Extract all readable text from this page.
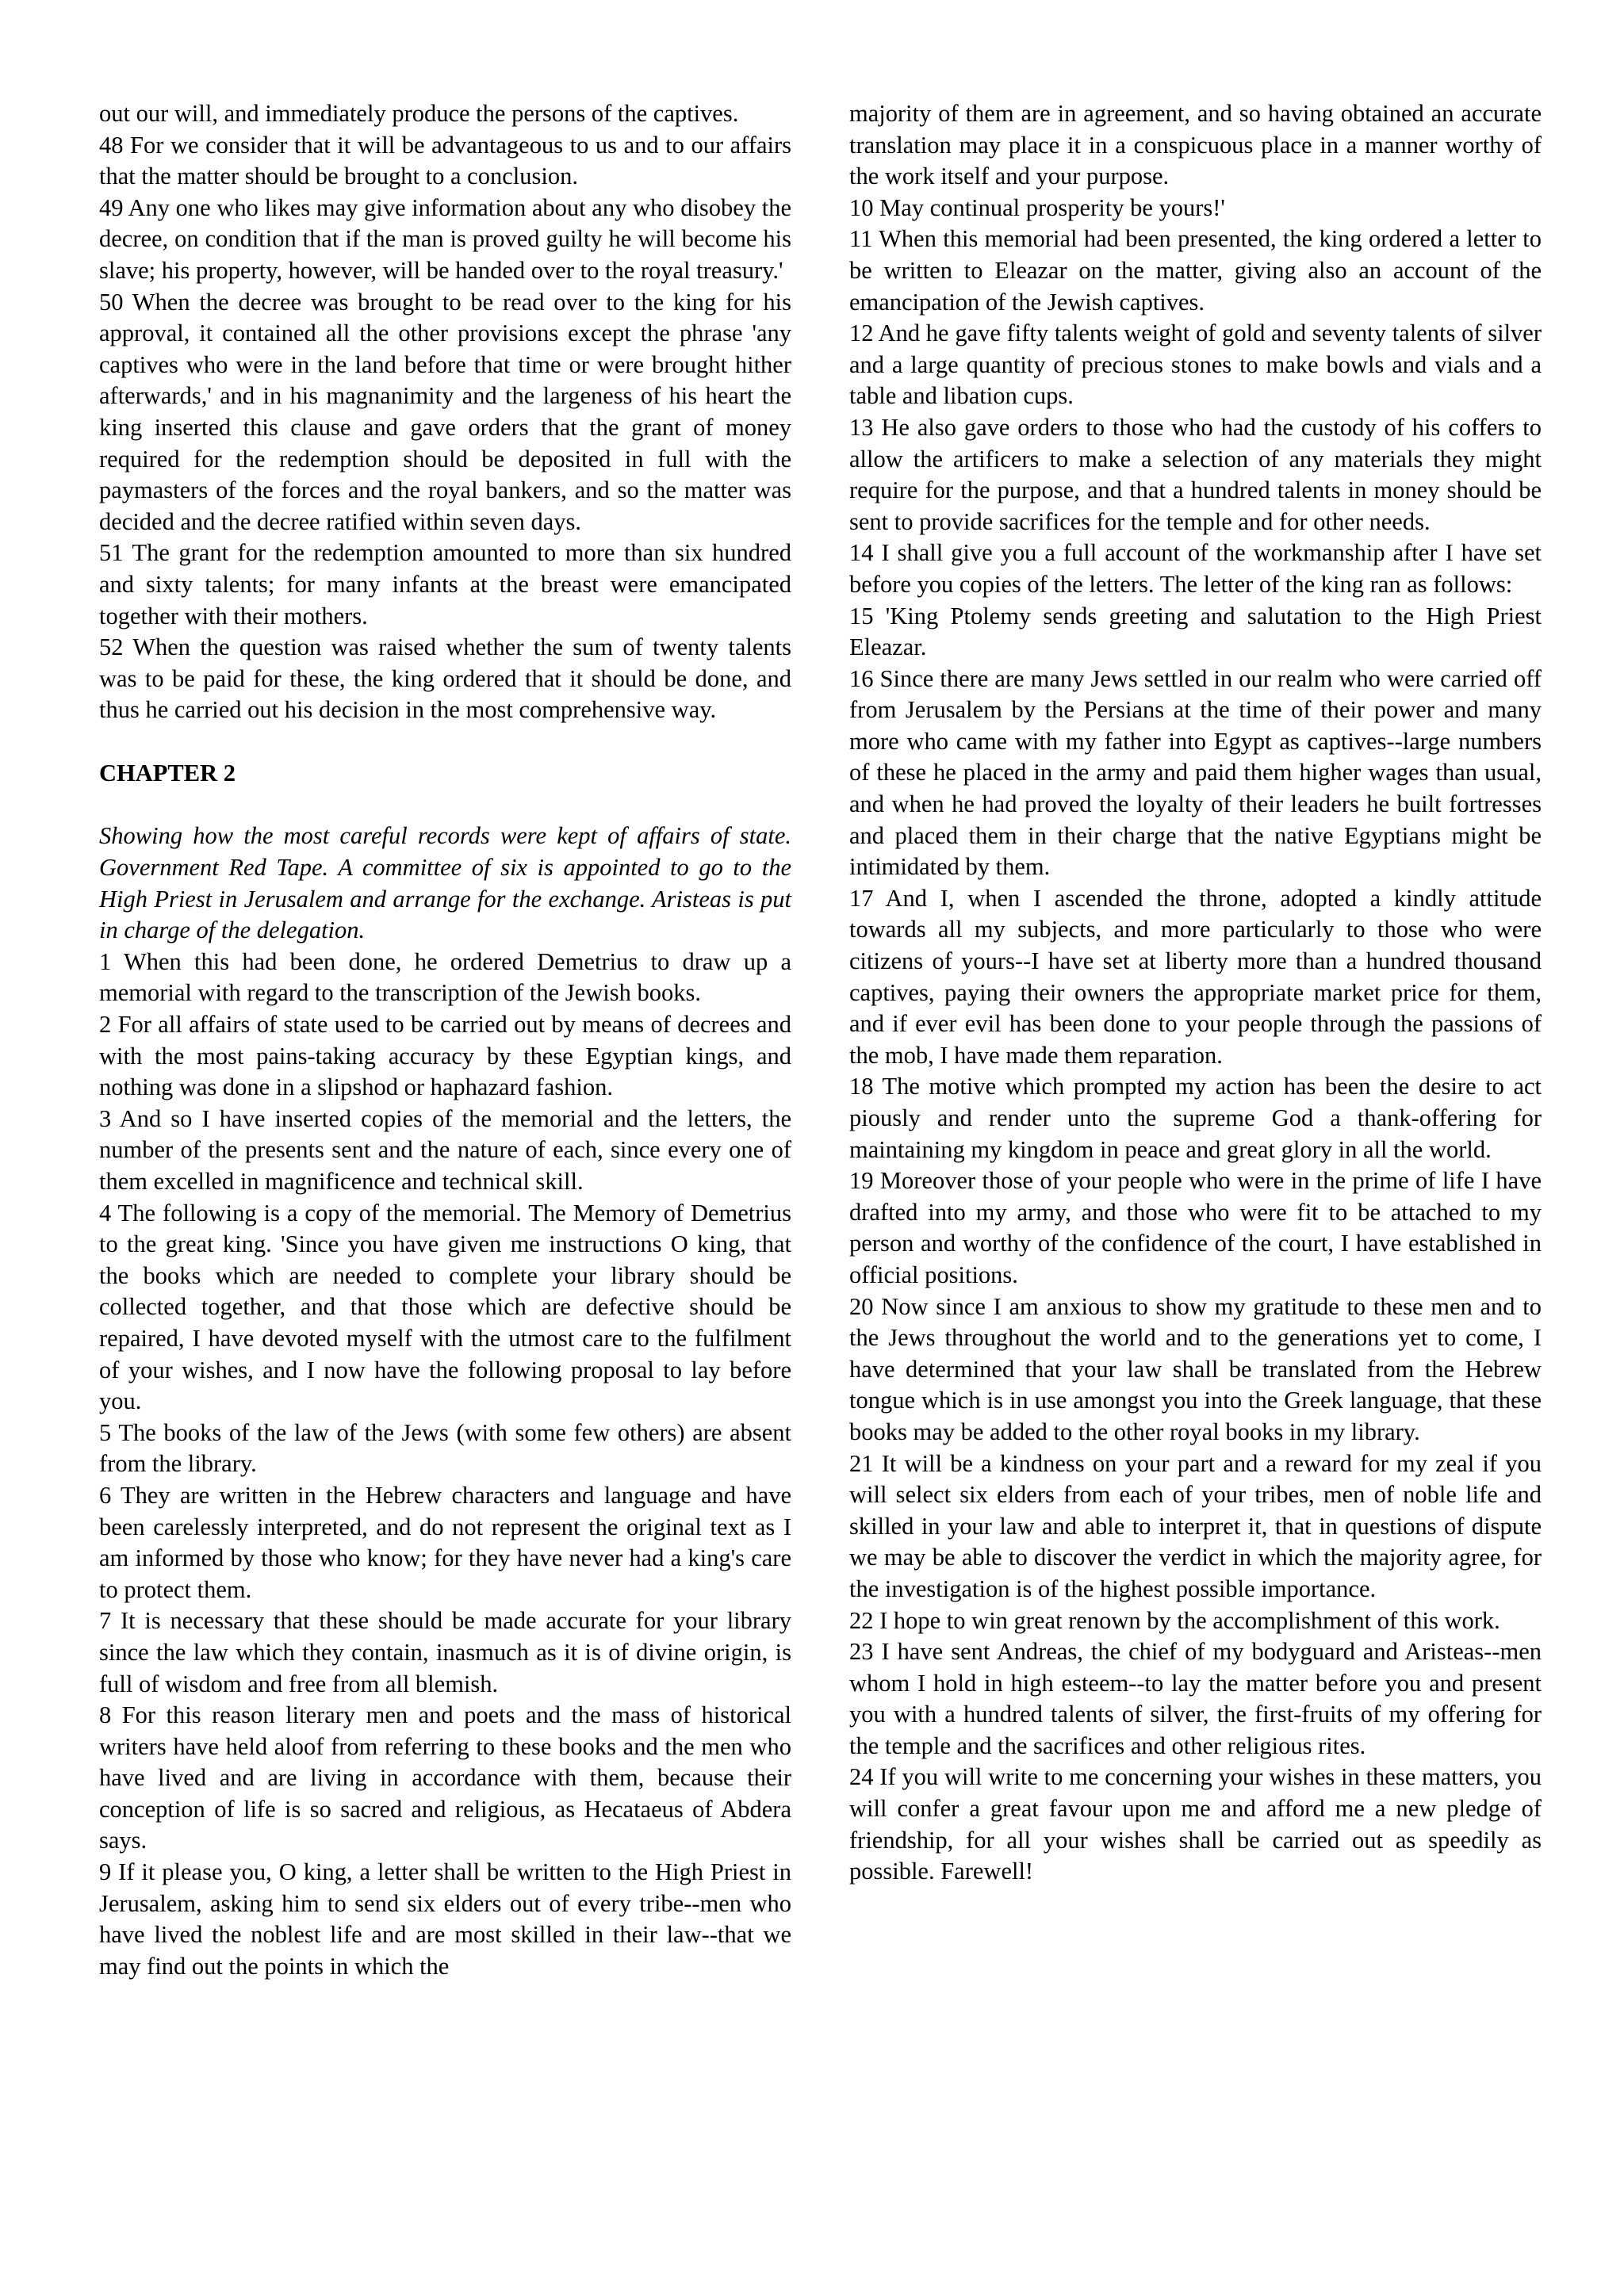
out our will, and immediately produce the persons of the captives.

48 For we consider that it will be advantageous to us and to our affairs that the matter should be brought to a conclusion.

49 Any one who likes may give information about any who disobey the decree, on condition that if the man is proved guilty he will become his slave; his property, however, will be handed over to the royal treasury.'

50 When the decree was brought to be read over to the king for his approval, it contained all the other provisions except the phrase 'any captives who were in the land before that time or were brought hither afterwards,' and in his magnanimity and the largeness of his heart the king inserted this clause and gave orders that the grant of money required for the redemption should be deposited in full with the paymasters of the forces and the royal bankers, and so the matter was decided and the decree ratified within seven days.

51 The grant for the redemption amounted to more than six hundred and sixty talents; for many infants at the breast were emancipated together with their mothers.

52 When the question was raised whether the sum of twenty talents was to be paid for these, the king ordered that it should be done, and thus he carried out his decision in the most comprehensive way.

CHAPTER 2

Showing how the most careful records were kept of affairs of state. Government Red Tape. A committee of six is appointed to go to the High Priest in Jerusalem and arrange for the exchange. Aristeas is put in charge of the delegation.

1 When this had been done, he ordered Demetrius to draw up a memorial with regard to the transcription of the Jewish books.

2 For all affairs of state used to be carried out by means of decrees and with the most pains-taking accuracy by these Egyptian kings, and nothing was done in a slipshod or haphazard fashion.

3 And so I have inserted copies of the memorial and the letters, the number of the presents sent and the nature of each, since every one of them excelled in magnificence and technical skill.

4 The following is a copy of the memorial. The Memory of Demetrius to the great king. 'Since you have given me instructions O king, that the books which are needed to complete your library should be collected together, and that those which are defective should be repaired, I have devoted myself with the utmost care to the fulfilment of your wishes, and I now have the following proposal to lay before you.

5 The books of the law of the Jews (with some few others) are absent from the library.

6 They are written in the Hebrew characters and language and have been carelessly interpreted, and do not represent the original text as I am informed by those who know; for they have never had a king's care to protect them.

7 It is necessary that these should be made accurate for your library since the law which they contain, inasmuch as it is of divine origin, is full of wisdom and free from all blemish.

8 For this reason literary men and poets and the mass of historical writers have held aloof from referring to these books and the men who have lived and are living in accordance with them, because their conception of life is so sacred and religious, as Hecataeus of Abdera says.

9 If it please you, O king, a letter shall be written to the High Priest in Jerusalem, asking him to send six elders out of every tribe--men who have lived the noblest life and are most skilled in their law--that we may find out the points in which the

majority of them are in agreement, and so having obtained an accurate translation may place it in a conspicuous place in a manner worthy of the work itself and your purpose.

10 May continual prosperity be yours!'

11 When this memorial had been presented, the king ordered a letter to be written to Eleazar on the matter, giving also an account of the emancipation of the Jewish captives.

12 And he gave fifty talents weight of gold and seventy talents of silver and a large quantity of precious stones to make bowls and vials and a table and libation cups.

13 He also gave orders to those who had the custody of his coffers to allow the artificers to make a selection of any materials they might require for the purpose, and that a hundred talents in money should be sent to provide sacrifices for the temple and for other needs.

14 I shall give you a full account of the workmanship after I have set before you copies of the letters. The letter of the king ran as follows:

15 'King Ptolemy sends greeting and salutation to the High Priest Eleazar.

16 Since there are many Jews settled in our realm who were carried off from Jerusalem by the Persians at the time of their power and many more who came with my father into Egypt as captives--large numbers of these he placed in the army and paid them higher wages than usual, and when he had proved the loyalty of their leaders he built fortresses and placed them in their charge that the native Egyptians might be intimidated by them.

17 And I, when I ascended the throne, adopted a kindly attitude towards all my subjects, and more particularly to those who were citizens of yours--I have set at liberty more than a hundred thousand captives, paying their owners the appropriate market price for them, and if ever evil has been done to your people through the passions of the mob, I have made them reparation.

18 The motive which prompted my action has been the desire to act piously and render unto the supreme God a thank-offering for maintaining my kingdom in peace and great glory in all the world.

19 Moreover those of your people who were in the prime of life I have drafted into my army, and those who were fit to be attached to my person and worthy of the confidence of the court, I have established in official positions.

20 Now since I am anxious to show my gratitude to these men and to the Jews throughout the world and to the generations yet to come, I have determined that your law shall be translated from the Hebrew tongue which is in use amongst you into the Greek language, that these books may be added to the other royal books in my library.

21 It will be a kindness on your part and a reward for my zeal if you will select six elders from each of your tribes, men of noble life and skilled in your law and able to interpret it, that in questions of dispute we may be able to discover the verdict in which the majority agree, for the investigation is of the highest possible importance.

22 I hope to win great renown by the accomplishment of this work.

23 I have sent Andreas, the chief of my bodyguard and Aristeas--men whom I hold in high esteem--to lay the matter before you and present you with a hundred talents of silver, the first-fruits of my offering for the temple and the sacrifices and other religious rites.

24 If you will write to me concerning your wishes in these matters, you will confer a great favour upon me and afford me a new pledge of friendship, for all your wishes shall be carried out as speedily as possible. Farewell!
